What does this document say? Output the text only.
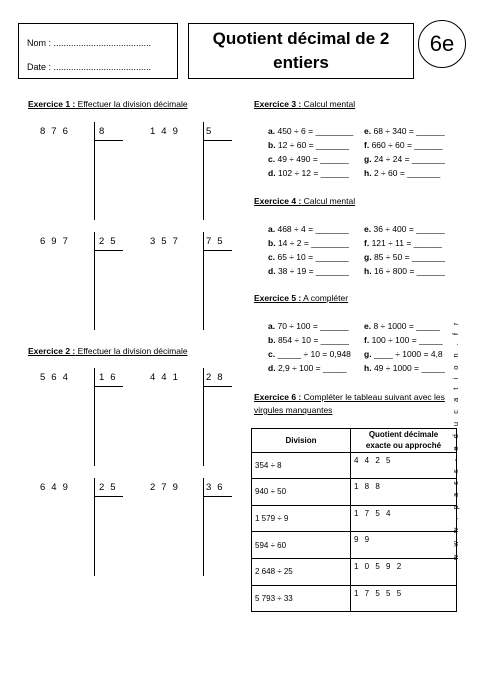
Nom : .......................................
Date : .......................................
Quotient décimal de 2
entiers
6e
Exercice 1 : Effectuer la division décimale
876	8	149 5
697	25	357 75
Exercice 2 : Effectuer la division décimale
564	16	441 28
649	25	279 36
Exercice 3 : Calcul mental
a. 450 ÷ 6 = ________
b. 12 ÷ 60 = _______
c. 49 ÷ 490 = ______
d. 102 ÷ 12 = ______
e. 68 ÷ 340 = ______
f. 660 ÷ 60 = ______
g. 24 ÷ 24 = _______
h. 2 ÷ 60 = _______
Exercice 4 : Calcul mental
a. 468 ÷ 4 = _______
b. 14 ÷ 2 = ________
c. 65 ÷ 10 = _______
d. 38 ÷ 19 = _______
e. 36 ÷ 400 = ______
f. 121 ÷ 11 = ______
g. 85 ÷ 50 = _______
h. 16 ÷ 800 = ______
Exercice 5 : A compléter
a. 70 ÷ 100 = ______
b. 854 ÷ 10 = ______
c. _____ ÷ 10 = 0,948
d. 2,9 ÷ 100 = _____
e. 8 ÷ 1000 = _____
f. 100 ÷ 100 = _____
g. ____ ÷ 1000 = 4,8
h. 49 ÷ 1000 = _____
Exercice 6 : Compléter le tableau suivant avec les
virgules manquantes
Division	Quotient décimale
exacte ou approché
354 ÷ 8	4 4 2 5
940 ÷ 50	1 8 8
1 579 ÷ 9	1 7 5 4
594 ÷ 60	9 9
2 648 ÷ 25	1 0 5 9 2
5 793 ÷ 33	1 7 5 5 5
w w w . p a s s - e d u c a t i o n . f r
